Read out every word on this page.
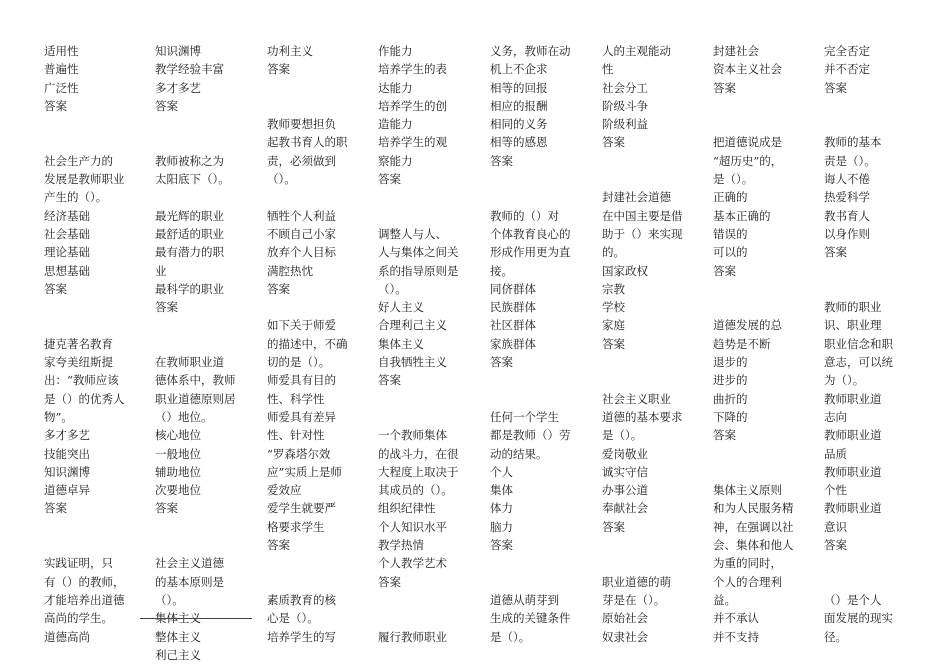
适用性
普遍性
广泛性
答案

社会生产力的
发展是教师职业
产生的（）。
经济基础
社会基础
理论基础
思想基础
答案

捷克著名教育
家夸美纽斯提
出：“教师应该
是（）的优秀人
物”。
多才多艺
技能突出
知识渊博
道德卓异
答案

实践证明，只
有（）的教师，
才能培养出道德
高尚的学生。
道德高尚
知识渊博
教学经验丰富
多才多艺
答案

教师被称之为
太阳底下（）。

最光辉的职业
最舒适的职业
最有潜力的职
业
最科学的职业
答案

在教师职业道
德体系中，教师
职业道德原则居
（）地位。
核心地位
一般地位
辅助地位
次要地位
答案

社会主义道德
的基本原则是
（）。
集体主义
整体主义
利己主义
功利主义
答案

教师要想担负
起教书育人的职
责，必须做到
（）。

牺牲个人利益
不顾自己小家
放弃个人目标
满腔热忱
答案

如下关于师爱
的描述中，不确
切的是（）。
师爱具有目的
性、科学性
师爱具有差异
性、针对性
“罗森塔尔效
应”实质上是师
爱效应
爱学生就要严
格要求学生
答案

素质教育的核
心是（）。
培养学生的写
作能力
培养学生的表
达能力
培养学生的创
造能力
培养学生的观
察能力
答案

调整人与人、
人与集体之间关
系的指导原则是
（）。
好人主义
合理利己主义
集体主义
自我牺牲主义
答案

一个教师集体
的战斗力，在很
大程度上取决于
其成员的（）。
组织纪律性
个人知识水平
教学热情
个人教学艺术
答案

履行教师职业
义务，教师在动
机上不企求
相等的回报
相应的报酬
相同的义务
相等的感恩
答案

教师的（）对
个体教育良心的
形成作用更为直
接。
同侪群体
民族群体
社区群体
家族群体
答案

任何一个学生
都是教师（）劳
动的结果。
个人
集体
体力
脑力
答案

道德从萌芽到
生成的关键条件
是（）。
人的主观能动
性
社会分工
阶级斗争
阶级利益
答案

封建社会道德
在中国主要是借
助于（）来实现
的。
国家政权
宗教
学校
家庭
答案

社会主义职业
道德的基本要求
是（）。
爱岗敬业
诚实守信
办事公道
奉献社会
答案

职业道德的萌
芽是在（）。
原始社会
奴隶社会
封建社会
资本主义社会
答案

把道德说成是
“超历史”的，
是（）。
正确的
基本正确的
错误的
可以的
答案

道德发展的总
趋势是不断
退步的
进步的
曲折的
下降的
答案

集体主义原则
和为人民服务精
神，在强调以社
会、集体和他人
为重的同时，
个人的合理利
益。
并不承认
并不支持
完全否定
并不否定
答案

教师的基本
责是（）。
诲人不倦
热爱科学
教书育人
以身作则
答案

教师的职业
识、职业理
职业信念和职
意志，可以统
为（）。
教师职业道
志向
教师职业道
品质
教师职业道
个性
教师职业道
意识
答案

（）是个人
面发展的现实
径。
